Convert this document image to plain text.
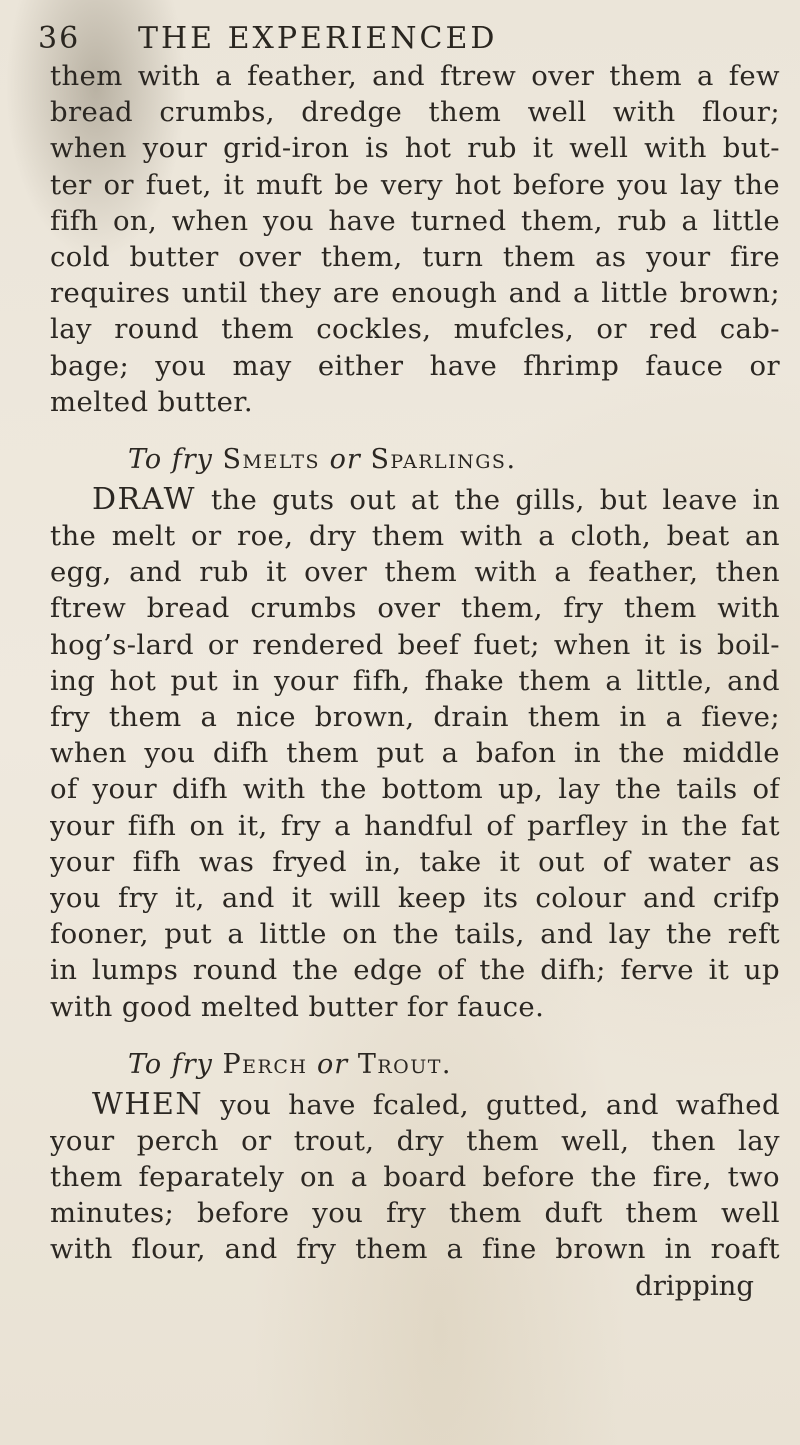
36 THE EXPERIENCED
them with a feather, and ftrew over them a few
bread crumbs, dredge them well with flour;
when your grid-iron is hot rub it well with but-
ter or fuet, it muft be very hot before you lay the
fifh on, when you have turned them, rub a little
cold butter over them, turn them as your fire
requires until they are enough and a little brown;
lay round them cockles, mufcles, or red cab-
bage; you may either have fhrimp fauce or
melted butter.
To fry Smelts or Sparlings.
DRAW the guts out at the gills, but leave in
the melt or roe, dry them with a cloth, beat an
egg, and rub it over them with a feather, then
ftrew bread crumbs over them, fry them with
hog’s-lard or rendered beef fuet; when it is boil-
ing hot put in your fifh, fhake them a little, and
fry them a nice brown, drain them in a fieve;
when you difh them put a bafon in the middle
of your difh with the bottom up, lay the tails of
your fifh on it, fry a handful of parfley in the fat
your fifh was fryed in, take it out of water as
you fry it, and it will keep its colour and crifp
fooner, put a little on the tails, and lay the reft
in lumps round the edge of the difh; ferve it up
with good melted butter for fauce.
To fry Perch or Trout.
WHEN you have fcaled, gutted, and wafhed
your perch or trout, dry them well, then lay
them feparately on a board before the fire, two
minutes; before you fry them duft them well
with flour, and fry them a fine brown in roaft
dripping
